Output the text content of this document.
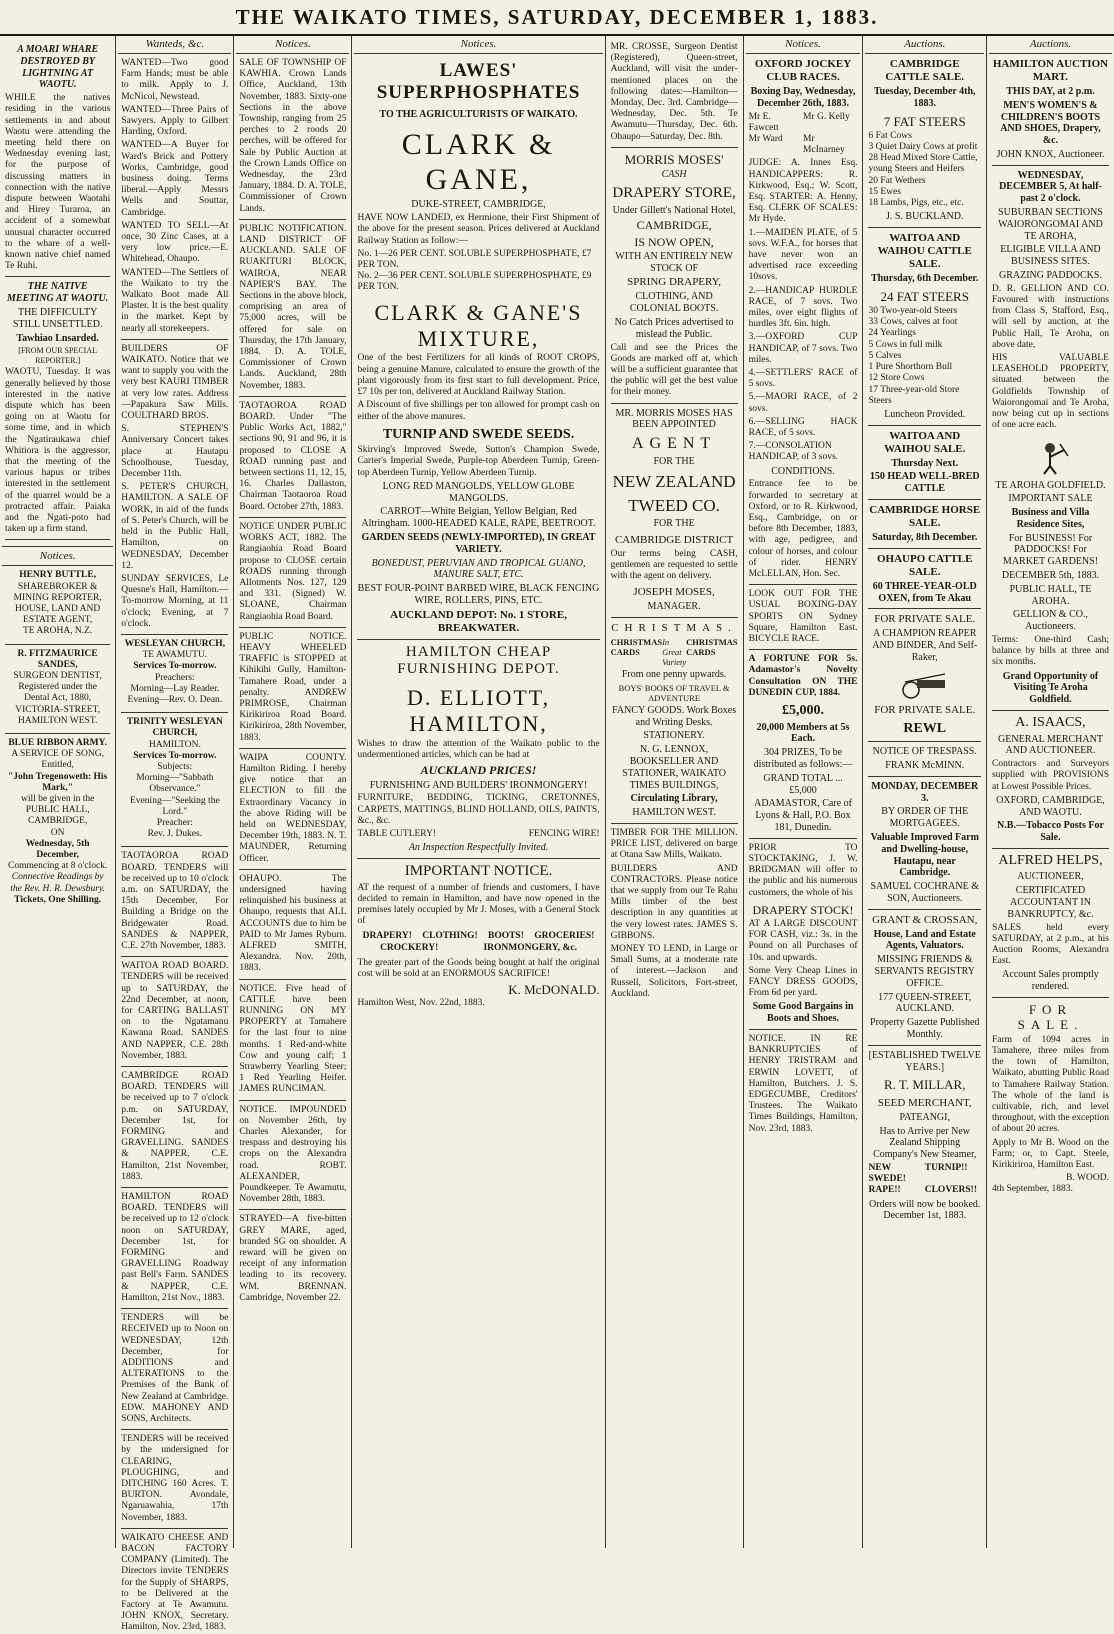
THE WAIKATO TIMES, SATURDAY, DECEMBER 1, 1883.
A MOARI WHARE DESTROYED BY LIGHTNING AT WAOTU.

WHILE the natives residing in the various settlements in and about Waotu were attending the meeting held there on Wednesday evening last, for the purpose of discussing matters in connection with the native dispute between Waotahi and Hirey Turaroa, an accident of a somewhat unusual character occurred to the whare of a well-known native chief named Te Ruhi.

THE NATIVE MEETING AT WAOTU.
THE DIFFICULTY STILL UNSETTLED.
Tawhiao Lnsarded.
[FROM OUR SPECIAL REPORTER.]

WAOTU, Tuesday. It was generally believed by those interested in the native dispute which has been going on at Waotu for some time, and in which the Ngatiraukawa chief Whitiora is the aggressor, that the meeting of the various hapus or tribes interested in the settlement of the quarrel would be a protracted affair. Paiaka and the Ngati-poto had taken up a firm stand.

Notices.
HENRY BUTTLE,
SHAREBROKER & MINING REPORTER,
HOUSE, LAND AND ESTATE AGENT,
TE AROHA, N.Z.
R. FITZMAURICE SANDES,
SURGEON DENTIST,
Registered under the Dental Act, 1880,
VICTORIA-STREET,
HAMILTON WEST.
BLUE RIBBON ARMY.
A SERVICE OF SONG,
Entitled,
"John Tregenoweth: His Mark,"
will be given in the
PUBLIC HALL, CAMBRIDGE,
ON
Wednesday, 5th December,
Commencing at 8 o'clock.
Connective Readings by the Rev. H. R. Dewsbury.
Tickets, One Shilling.
Wanteds, &c.

WANTED—Two good Farm Hands; must be able to milk. Apply to J. McNicol, Newstead.

WANTED—Three Pairs of Sawyers. Apply to Gilbert Harding, Oxford.

WANTED—A Buyer for Ward's Brick and Pottery Works, Cambridge, good business doing. Terms liberal.—Apply Messrs Wells and Souttar, Cambridge.

WANTED TO SELL—At once, 30 Zinc Cases, at a very low price.—E. Whitehead, Ohaupo.

WANTED—The Settlers of the Waikato to try the Walkato Boot made All Plaster. It is the best quality in the market. Kept by nearly all storekeepers.

BUILDERS OF WAIKATO. Notice that we want to supply you with the very best KAURI TIMBER at very low rates. Address—Papakura Saw Mills. COULTHARD BROS.

S. STEPHEN'S Anniversary Concert takes place at Hautapu Schoolhouse, Tuesday, December 11th.

S. PETER'S CHURCH, HAMILTON. A SALE OF WORK, in aid of the funds of S. Peter's Church, will be held in the Public Hall, Hamilton, on WEDNESDAY, December 12.

SUNDAY SERVICES, Le Quesne's Hall, Hamilton.—To-morrow Morning, at 11 o'clock; Evening, at 7 o'clock.

WESLEYAN CHURCH,
TE AWAMUTU.
Services To-morrow.
Preachers:
Morning—Lay Reader.
Evening—Rev. O. Dean.
TRINITY WESLEYAN CHURCH,
HAMILTON.
Services To-morrow.
Subjects:
Morning—"Sabbath Observance."
Evening—"Seeking the Lord."
Preacher:
Rev. J. Dukes.

TAOTAOROA ROAD BOARD. TENDERS will be received up to 10 o'clock a.m. on SATURDAY, the 15th December, For Building a Bridge on the Bridgewater Road. SANDES & NAPPER, C.E. 27th November, 1883.

WAITOA ROAD BOARD. TENDERS will be received up to SATURDAY, the 22nd December, at noon, for CARTING BALLAST on to the Ngatamanu Kawana Road. SANDES AND NAPPER, C.E. 28th November, 1883.

CAMBRIDGE ROAD BOARD. TENDERS will be received up to 7 o'clock p.m. on SATURDAY, December 1st, for FORMING and GRAVELLING. SANDES & NAPPER, C.E. Hamilton, 21st November, 1883.

HAMILTON ROAD BOARD. TENDERS will be received up to 12 o'clock noon on SATURDAY, December 1st, for FORMING and GRAVELLING Roadway past Bell's Farm. SANDES & NAPPER, C.E. Hamilton, 21st Nov., 1883.

TENDERS will be RECEIVED up to Noon on WEDNESDAY, 12th December, for ADDITIONS and ALTERATIONS to the Premises of the Bank of New Zealand at Cambridge. EDW. MAHONEY AND SONS, Architects.

TENDERS will be received by the undersigned for CLEARING, PLOUGHING, and DITCHING 160 Acres. T. BURTON. Avondale, Ngaruawahia, 17th November, 1883.

WAIKATO CHEESE AND BACON FACTORY COMPANY (Limited). The Directors invite TENDERS for the Supply of SHARPS, to be Delivered at the Factory at Te Awamutu. JOHN KNOX, Secretary. Hamilton, Nov. 23rd, 1883.

Notices.

SALE OF TOWNSHIP OF KAWHIA. Crown Lands Office, Auckland, 13th November, 1883. Sixty-one Sections in the above Township, ranging from 25 perches to 2 roods 20 perches, will be offered for Sale by Public Auction at the Crown Lands Office on Wednesday, the 23rd January, 1884. D. A. TOLE, Commissioner of Crown Lands.

PUBLIC NOTIFICATION. LAND DISTRICT OF AUCKLAND. SALE OF RUAKITURI BLOCK, WAIROA, NEAR NAPIER'S BAY. The Sections in the above block, comprising an area of 75,000 acres, will be offered for sale on Thursday, the 17th January, 1884. D. A. TOLE, Commissioner of Crown Lands. Auckland, 28th November, 1883.

TAOTAOROA ROAD BOARD. Under "The Public Works Act, 1882," sections 90, 91 and 96, it is proposed to CLOSE A ROAD running past and between sections 11, 12, 15, 16. Charles Dallaston, Chairman Taotaoroa Road Board. October 27th, 1883.

NOTICE UNDER PUBLIC WORKS ACT, 1882. The Rangiaohia Road Board propose to CLOSE certain ROADS running through Allotments Nos. 127, 129 and 331. (Signed) W. SLOANE, Chairman Rangiaohia Road Board.

PUBLIC NOTICE. HEAVY WHEELED TRAFFIC is STOPPED at Kihikihi Gully, Hamilton-Tamahere Road, under a penalty. ANDREW PRIMROSE, Chairman Kirikiriroa Road Board. Kirikiriroa, 28th November, 1883.

WAIPA COUNTY. Hamilton Riding. I hereby give notice that an ELECTION to fill the Extraordinary Vacancy in the above Riding will be held on WEDNESDAY, December 19th, 1883. N. T. MAUNDER, Returning Officer.

OHAUPO. The undersigned having relinquished his business at Ohaupo, requests that ALL ACCOUNTS due to him be PAID to Mr James Ryburn. ALFRED SMITH, Alexandra. Nov. 20th, 1883.

NOTICE. Five head of CATTLE have been RUNNING ON MY PROPERTY at Tamahere for the last four to nine months. 1 Red-and-white Cow and young calf; 1 Strawberry Yearling Steer; 1 Red Yearling Heifer. JAMES RUNCIMAN.

NOTICE. IMPOUNDED on November 26th, by Charles Alexander, for trespass and destroying his crops on the Alexandra road. ROBT. ALEXANDER, Poundkeeper. Te Awamutu, November 28th, 1883.

STRAYED—A five-bitten GREY MARE, aged, branded SG on shoulder. A reward will be given on receipt of any information leading to its recovery. WM. BRENNAN. Cambridge, November 22.

Notices.
LAWES' SUPERPHOSPHATES
TO THE AGRICULTURISTS OF WAIKATO.
CLARK & GANE,
DUKE-STREET, CAMBRIDGE,

HAVE NOW LANDED, ex Hermione, their First Shipment of the above for the present season. Prices delivered at Auckland Railway Station as follow:—

No. 1—26 PER CENT. SOLUBLE SUPERPHOSPHATE, £7 PER TON.
No. 2—36 PER CENT. SOLUBLE SUPERPHOSPHATE, £9 PER TON.
CLARK & GANE'S MIXTURE,

One of the best Fertilizers for all kinds of ROOT CROPS, being a genuine Manure, calculated to ensure the growth of the plant vigorously from its first start to full development. Price, £7 10s per ton, delivered at Auckland Railway Station.

A Discount of five shillings per ton allowed for prompt cash on either of the above manures.

TURNIP AND SWEDE SEEDS.

Skirving's Improved Swede, Sutton's Champion Swede, Carter's Imperial Swede, Purple-top Aberdeen Turnip, Green-top Aberdeen Turnip, Yellow Aberdeen Turnip.

LONG RED MANGOLDS, YELLOW GLOBE MANGOLDS.
CARROT—White Belgian, Yellow Belgian, Red Altringham. 1000-HEADED KALE, RAPE, BEETROOT.
GARDEN SEEDS (NEWLY-IMPORTED), IN GREAT VARIETY.
BONEDUST, PERUVIAN AND TROPICAL GUANO, MANURE SALT, ETC.
BEST FOUR-POINT BARBED WIRE, BLACK FENCING WIRE, ROLLERS, PINS, ETC.
AUCKLAND DEPOT: No. 1 STORE, BREAKWATER.
HAMILTON CHEAP FURNISHING DEPOT.
D. ELLIOTT, HAMILTON,

Wishes to draw the attention of the Waikato public to the undermentioned articles, which can be had at

AUCKLAND PRICES!
FURNISHING AND BUILDERS' IRONMONGERY!

FURNITURE, BEDDING, TICKING, CRETONNES, CARPETS, MATTINGS, BLIND HOLLAND, OILS, PAINTS, &c., &c.

TABLE CUTLERY!	FENCING WIRE!
An Inspection Respectfully Invited.
IMPORTANT NOTICE.

AT the request of a number of friends and customers, I have decided to remain in Hamilton, and have now opened in the premises lately occupied by Mr J. Moses, with a General Stock of

DRAPERY! CLOTHING! BOOTS! GROCERIES!
CROCKERY!	IRONMONGERY, &c.

The greater part of the Goods being bought at half the original cost will be sold at an ENORMOUS SACRIFICE!

K. McDONALD.
Hamilton West, Nov. 22nd, 1883.

MR. CROSSE, Surgeon Dentist (Registered), Queen-street, Auckland, will visit the under-mentioned places on the following dates:—Hamilton—Monday, Dec. 3rd. Cambridge—Wednesday, Dec. 5th. Te Awamutu—Thursday, Dec. 6th. Ohaupo—Saturday, Dec. 8th.

MORRIS MOSES'
CASH
DRAPERY STORE,
Under Gillett's National Hotel,
CAMBRIDGE,
IS NOW OPEN,
WITH AN ENTIRELY NEW STOCK OF
SPRING DRAPERY,
CLOTHING, AND COLONIAL BOOTS.
No Catch Prices advertised to mislead the Public.

Call and see the Prices the Goods are marked off at, which will be a sufficient guarantee that the public will get the best value for their money.

MR. MORRIS MOSES HAS BEEN APPOINTED
AGENT
FOR THE
NEW ZEALAND
TWEED CO.
FOR THE
CAMBRIDGE DISTRICT

Our terms being CASH, gentlemen are requested to settle with the agent on delivery.

JOSEPH MOSES,
MANAGER.
CHRISTMAS.
CHRISTMAS CARDS
In Great Variety
CHRISTMAS CARDS
From one penny upwards.
BOYS' BOOKS OF TRAVEL & ADVENTURE
FANCY GOODS. Work Boxes and Writing Desks.
STATIONERY.
N. G. LENNOX, BOOKSELLER AND STATIONER, WAIKATO TIMES BUILDINGS,
Circulating Library,
HAMILTON WEST.

TIMBER FOR THE MILLION. PRICE LIST, delivered on barge at Otana Saw Mills, Waikato.

BUILDERS AND CONTRACTORS. Please notice that we supply from our Te Rahu Mills timber of the best description in any quantities at the very lowest rates. JAMES S. GIBBONS.

MONEY TO LEND, in Large or Small Sums, at a moderate rate of interest.—Jackson and Russell, Solicitors, Fort-street, Auckland.

Notices.
OXFORD JOCKEY CLUB RACES.
Boxing Day, Wednesday, December 26th, 1883.
Mr E. Fawcett
Mr G. Kelly
Mr Ward	Mr McInarney

JUDGE: A. Innes Esq. HANDICAPPERS: R. Kirkwood, Esq.; W. Scott, Esq. STARTER: A. Henny, Esq. CLERK OF SCALES: Mr Hyde.

1.—MAIDEN PLATE, of 5 sovs. W.F.A., for horses that have never won an advertised race exceeding 10sovs.

2.—HANDICAP HURDLE RACE, of 7 sovs. Two miles, over eight flights of hurdles 3ft. 6in. high.

3.—OXFORD CUP HANDICAP, of 7 sovs. Two miles.

4.—SETTLERS' RACE of 5 sovs.

5.—MAORI RACE, of 2 sovs.

6.—SELLING HACK RACE, of 5 sovs.

7.—CONSOLATION HANDICAP, of 3 sovs.

CONDITIONS.

Entrance fee to be forwarded to secretary at Oxford, or to R. Kirkwood, Esq., Cambridge, on or before 8th December, 1883, with age, pedigree, and colour of horses, and colour of rider. HENRY McLELLAN, Hon. Sec.

LOOK OUT FOR THE USUAL BOXING-DAY SPORTS ON Sydney Square, Hamilton East. BICYCLE RACE.

A FORTUNE FOR 5s. Adamastor's Novelty Consultation ON THE DUNEDIN CUP, 1884.

£5,000.
20,000 Members at 5s Each.
304 PRIZES, To be distributed as follows:—
GRAND TOTAL ... £5,000
ADAMASTOR, Care of Lyons & Hall, P.O. Box 181, Dunedin.

PRIOR TO STOCKTAKING, J. W. BRIDGMAN will offer to the public and his numerous customers, the whole of his

DRAPERY STOCK!

AT A LARGE DISCOUNT FOR CASH, viz.: 3s. in the Pound on all Purchases of 10s. and upwards.

Some Very Cheap Lines in FANCY DRESS GOODS, From 6d per yard.

Some Good Bargains in Boots and Shoes.

NOTICE. IN RE BANKRUPTCIES of HENRY TRISTRAM and ERWIN LOVETT, of Hamilton, Butchers. J. S. EDGECUMBE, Creditors' Trustees. The Waikato Times Buildings, Hamilton, Nov. 23rd, 1883.

Auctions.
CAMBRIDGE CATTLE SALE.
Tuesday, December 4th, 1883.
7 FAT STEERS
6 Fat Cows
3 Quiet Dairy Cows at profit
28 Head Mixed Store Cattle, young Steers and Heifers
20 Fat Wethers
15 Ewes
18 Lambs, Pigs, etc., etc.
J. S. BUCKLAND.
WAITOA AND WAIHOU CATTLE SALE.
Thursday, 6th December.
24 FAT STEERS
30 Two-year-old Steers
33 Cows, calves at foot
24 Yearlings
5 Cows in full milk
5 Calves
1 Pure Shorthorn Bull
12 Store Cows
17 Three-year-old Store Steers
Luncheon Provided.
WAITOA AND WAIHOU SALE.
Thursday Next.
150 HEAD WELL-BRED CATTLE
CAMBRIDGE HORSE SALE.
Saturday, 8th December.
OHAUPO CATTLE SALE.
60 THREE-YEAR-OLD OXEN, from Te Akau
FOR PRIVATE SALE.
A CHAMPION REAPER AND BINDER, And Self-Raker,
FOR PRIVATE SALE.
REWL
NOTICE OF TRESPASS.
FRANK McMINN.
MONDAY, DECEMBER 3.
BY ORDER OF THE MORTGAGEES.
Valuable Improved Farm and Dwelling-house, Hautapu, near Cambridge.
SAMUEL COCHRANE & SON, Auctioneers.
GRANT & CROSSAN,
House, Land and Estate Agents, Valuators.
MISSING FRIENDS & SERVANTS REGISTRY OFFICE.
177 QUEEN-STREET, AUCKLAND.
Property Gazette Published Monthly.
[ESTABLISHED TWELVE YEARS.]
R. T. MILLAR,
SEED MERCHANT,
PATEANGI,
Has to Arrive per New Zealand Shipping Company's New Steamer,
NEW SWEDE!
TURNIP!!
RAPE!!	CLOVERS!!
Orders will now be booked. December 1st, 1883.
Auctions.
HAMILTON AUCTION MART.
THIS DAY, at 2 p.m.
MEN'S WOMEN'S & CHILDREN'S BOOTS AND SHOES, Drapery, &c.
JOHN KNOX, Auctioneer.
WEDNESDAY, DECEMBER 5, At half-past 2 o'clock.
SUBURBAN SECTIONS WAIORONGOMAI AND TE AROHA,
ELIGIBLE VILLA AND BUSINESS SITES.
GRAZING PADDOCKS.

D. R. GELLION AND CO. Favoured with instructions from Class S, Stafford, Esq., will sell by auction, at the Public Hall, Te Aroha, on above date,

HIS VALUABLE LEASEHOLD PROPERTY, situated between the Goldfields Township of Waiorongomai and Te Aroha, now being cut up in sections of one acre each.

TE AROHA GOLDFIELD.
IMPORTANT SALE
Business and Villa Residence Sites,
For BUSINESS! For PADDOCKS! For MARKET GARDENS!
DECEMBER 5th, 1883.
PUBLIC HALL, TE AROHA.
GELLION & CO., Auctioneers.

Terms: One-third Cash; balance by bills at three and six months.

Grand Opportunity of Visiting Te Aroha Goldfield.
A. ISAACS,
GENERAL MERCHANT AND AUCTIONEER.

Contractors and Surveyors supplied with PROVISIONS at Lowest Possible Prices.

OXFORD, CAMBRIDGE, AND WAOTU.
N.B.—Tobacco Posts For Sale.
ALFRED HELPS,
AUCTIONEER,
CERTIFICATED ACCOUNTANT IN BANKRUPTCY, &c.

SALES held every SATURDAY, at 2 p.m., at his Auction Rooms, Alexandra East.

Account Sales promptly rendered.
FOR SALE.

Farm of 1094 acres in Tamahere, three miles from the town of Hamilton, Waikato, abutting Public Road to Tamahere Railway Station. The whole of the land is cultivable, rich, and level throughout, with the exception of about 20 acres.

Apply to Mr B. Wood on the Farm; or, to Capt. Steele, Kirikiriroa, Hamilton East.

B. WOOD.
4th September, 1883.
